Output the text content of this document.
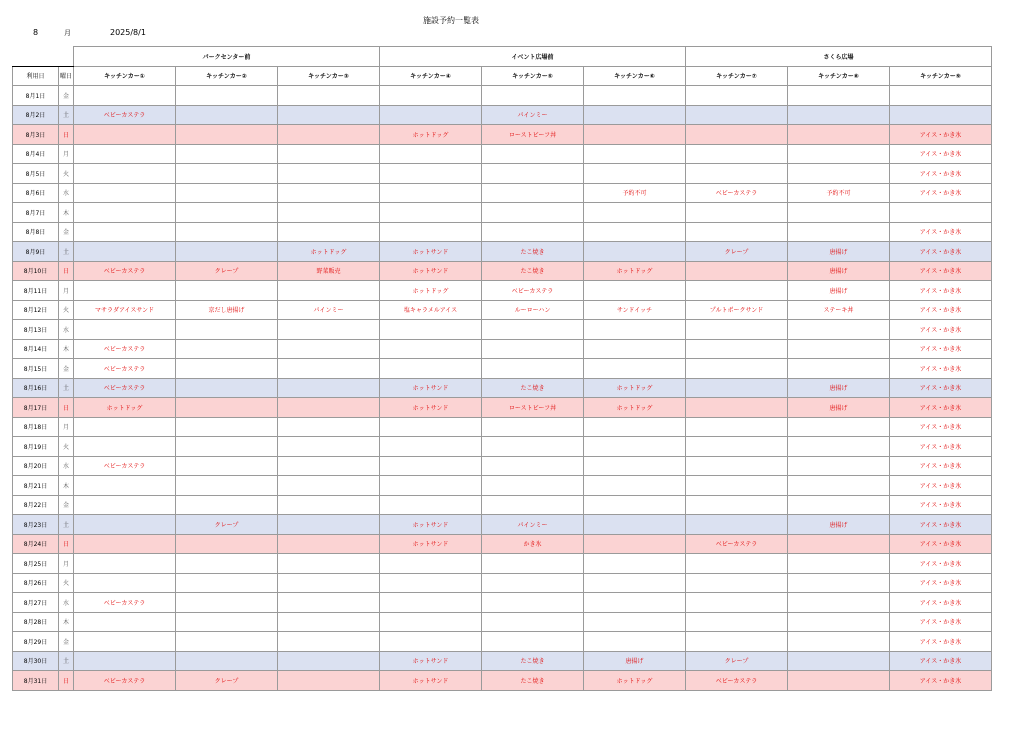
施設予約一覧表
8	月	2025/8/1
		パークセンター前			イベント広場前			さくら広場		
利用日	曜日	キッチンカー①	キッチンカー②	キッチンカー③	キッチンカー④	キッチンカー⑤	キッチンカー⑥	キッチンカー⑦	キッチンカー⑧	キッチンカー⑨
8月1日	金									
8月2日	土	ベビーカステラ				パインミー				
8月3日	日				ホットドッグ	ローストビーフ丼				アイス・かき氷
8月4日	月									アイス・かき氷
8月5日	火									アイス・かき氷
8月6日	水						予約不可	ベビーカステラ	予約不可	アイス・かき氷
8月7日	木									
8月8日	金									アイス・かき氷
8月9日	土			ホットドッグ	ホットサンド	たこ焼き		クレープ	唐揚げ	アイス・かき氷
8月10日	日	ベビーカステラ	クレープ	野菜販売	ホットサンド	たこ焼き	ホットドッグ		唐揚げ	アイス・かき氷
8月11日	月				ホットドッグ	ベビーカステラ			唐揚げ	アイス・かき氷
8月12日	火	マサラダアイスサンド	京だし唐揚げ	パインミー	塩キャラメルアイス	ルーローハン	サンドイッチ	プルトポークサンド	ステーキ丼	アイス・かき氷
8月13日	水									アイス・かき氷
8月14日	木	ベビーカステラ								アイス・かき氷
8月15日	金	ベビーカステラ								アイス・かき氷
8月16日	土	ベビーカステラ			ホットサンド	たこ焼き	ホットドッグ		唐揚げ	アイス・かき氷
8月17日	日	ホットドッグ			ホットサンド	ローストビーフ丼	ホットドッグ		唐揚げ	アイス・かき氷
8月18日	月									アイス・かき氷
8月19日	火									アイス・かき氷
8月20日	水	ベビーカステラ								アイス・かき氷
8月21日	木									アイス・かき氷
8月22日	金									アイス・かき氷
8月23日	土		クレープ		ホットサンド	パインミー			唐揚げ	アイス・かき氷
8月24日	日				ホットサンド	かき氷		ベビーカステラ		アイス・かき氷
8月25日	月									アイス・かき氷
8月26日	火									アイス・かき氷
8月27日	水	ベビーカステラ								アイス・かき氷
8月28日	木									アイス・かき氷
8月29日	金									アイス・かき氷
8月30日	土				ホットサンド	たこ焼き	唐揚げ	クレープ		アイス・かき氷
8月31日	日	ベビーカステラ	クレープ		ホットサンド	たこ焼き	ホットドッグ	ベビーカステラ		アイス・かき氷
